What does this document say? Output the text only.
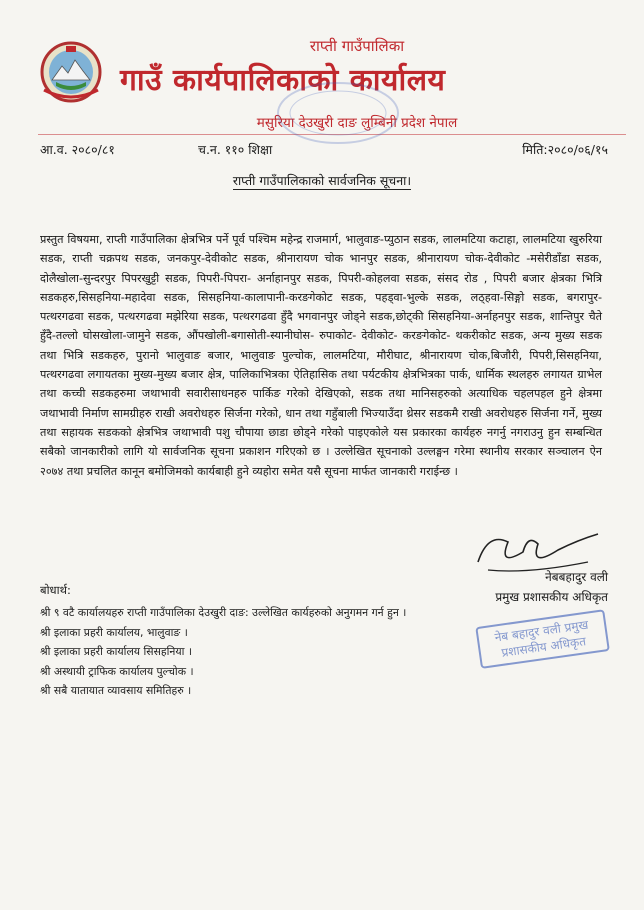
राप्ती गाउँपालिका
गाउँ कार्यपालिकाको कार्यालय
मसुरिया देउखुरी दाङ लुम्बिनी प्रदेश नेपाल
आ.व. २०८०/८१	च.न. ११० शिक्षा	मिति:२०८०/०६/१५
राप्ती गाउँपालिकाको सार्वजनिक सूचना।
प्रस्तुत विषयमा, राप्ती गाउँपालिका क्षेत्रभित्र पर्ने पूर्व पश्चिम महेन्द्र राजमार्ग, भालुवाङ-प्युठान सडक, लालमटिया कटाहा, लालमटिया खुरुरिया सडक, राप्ती चक्रपथ सडक, जनकपुर-देवीकोट सडक, श्रीनारायण चोक भानपुर सडक, श्रीनारायण चोक-देवीकोट -मसेरीडाँडा सडक, दोलैखोला-सुन्दरपुर पिपरखुट्टी सडक, पिपरी-पिपरा- अर्नाहानपुर सडक, पिपरी-कोहलवा सडक, संसद रोड , पिपरी बजार क्षेत्रका भित्रि सडकहरु,सिसहनिया-महादेवा सडक, सिसहनिया-कालापानी-करङगेकोट सडक, पहड्वा-भुल्के सडक, लठ्हवा-सिङ्गो सडक, बगरापुर-पत्थरगढवा सडक, पत्थरगढवा मझेरिया सडक, पत्थरगढवा हुँदै भगवानपुर जोड्ने सडक,छोट्की सिसहनिया-अर्नाहनपुर सडक, शान्तिपुर चैते हुँदै-तल्लो घोसखोला-जामुने सडक, औंपखोली-बगासोती-स्यानीघोस- रुपाकोट- देवीकोट- करङगेकोट- थकरीकोट सडक, अन्य मुख्य सडक तथा भित्रि सडकहरु, पुरानो भालुवाङ बजार, भालुवाङ पुल्चोक, लालमटिया, मौरीघाट, श्रीनारायण चोक,बिजौरी, पिपरी,सिसहनिया, पत्थरगढवा लगायतका मुख्य-मुख्य बजार क्षेत्र, पालिकाभित्रका ऐतिहासिक तथा पर्यटकीय क्षेत्रभित्रका पार्क, धार्मिक स्थलहरु लगायत ग्राभेल तथा कच्ची सडकहरुमा जथाभावी सवारीसाधनहरु पार्किङ गरेको देखिएको, सडक तथा मानिसहरुको अत्याधिक चहलपहल हुने क्षेत्रमा जथाभावी निर्माण सामग्रीहरु राखी अवरोधहरु सिर्जना गरेको, धान तथा गहुँबाली भिज्याउँदा थ्रेसर सडकमै राखी अवरोधहरु सिर्जना गर्ने, मुख्य तथा सहायक सडकको क्षेत्रभित्र जथाभावी पशु चौपाया छाडा छोड्ने गरेको पाइएकोले यस प्रकारका कार्यहरु नगर्नु नगराउनु हुन सम्बन्धित सबैको जानकारीको लागि यो सार्वजनिक सूचना प्रकाशन गरिएको छ । उल्लेखित सूचनाको उल्लङ्घन गरेमा स्थानीय सरकार सञ्चालन ऐन २०७४ तथा प्रचलित कानून बमोजिमको कार्यबाही हुने व्यहोरा समेत यसै सूचना मार्फत जानकारी गराईन्छ ।
नेबबहादुर वली
प्रमुख प्रशासकीय अधिकृत
नेब बहादुर वली प्रमुख प्रशासकीय अधिकृत
बोधार्थ:
श्री ९ वटै कार्यालयहरु राप्ती गाउँपालिका देउखुरी दाङ: उल्लेखित कार्यहरुको अनुगमन गर्न हुन ।
श्री इलाका प्रहरी कार्यालय, भालुवाङ ।
श्री इलाका प्रहरी कार्यालय सिसहनिया ।
श्री अस्थायी ट्राफिक कार्यालय पुल्चोक ।
श्री सबै यातायात व्यावसाय समितिहरु ।
